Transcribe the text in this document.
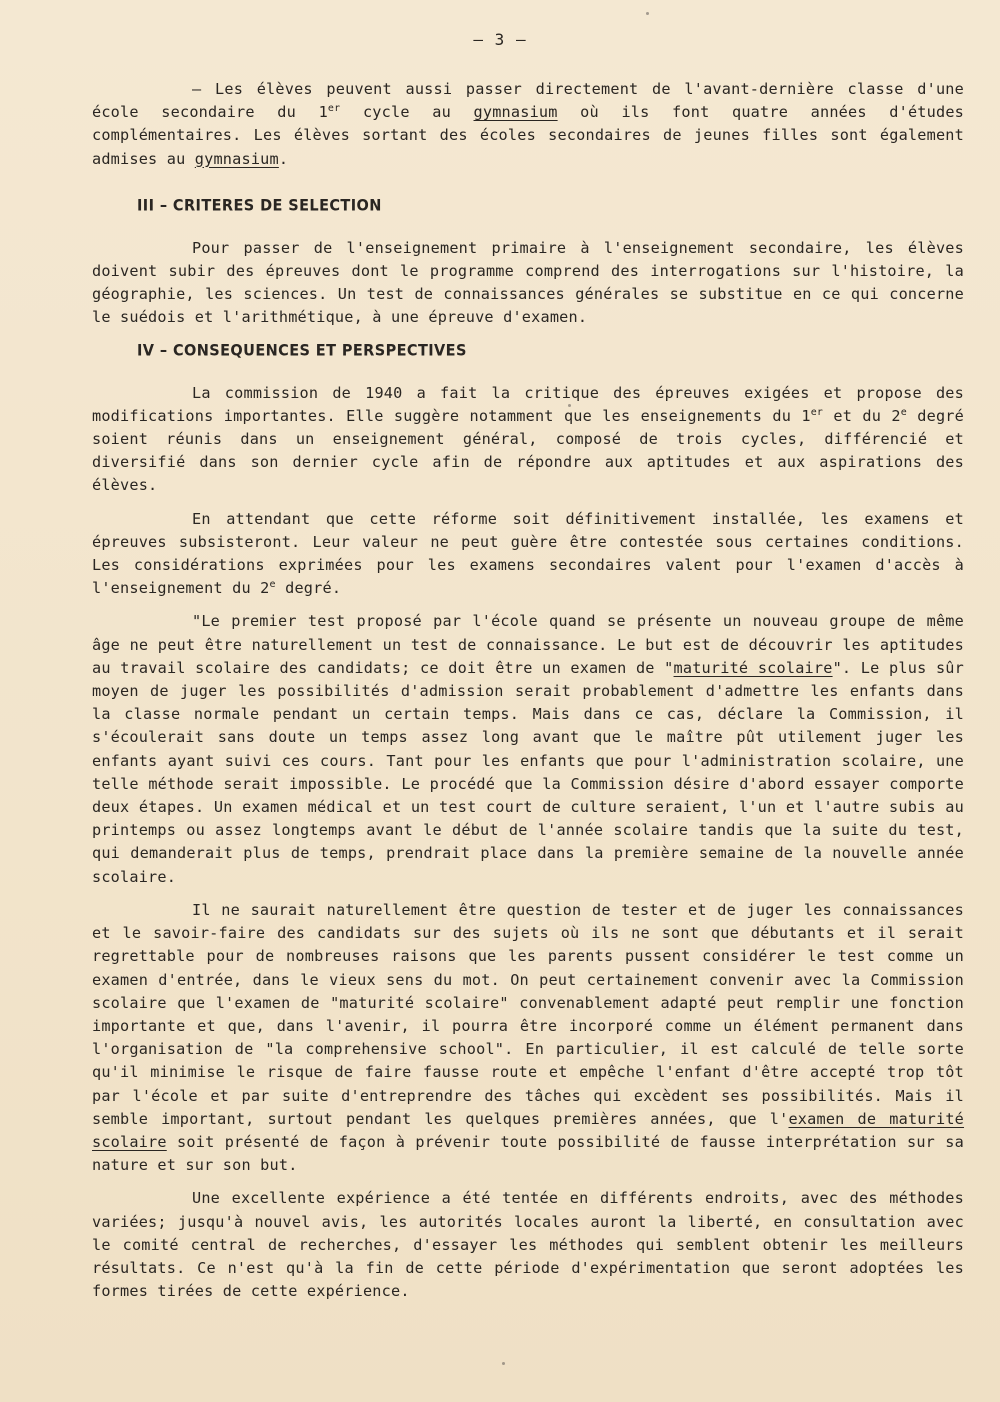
– 3 –

– Les élèves peuvent aussi passer directement de l'avant-dernière classe d'une école secondaire du 1er cycle au gymnasium où ils font quatre années d'études complémentaires. Les élèves sortant des écoles secondaires de jeunes filles sont également admises au gymnasium.

III – CRITERES DE SELECTION

Pour passer de l'enseignement primaire à l'enseignement secondaire, les élèves doivent subir des épreuves dont le programme comprend des interrogations sur l'histoire, la géographie, les sciences. Un test de connaissances générales se substitue en ce qui concerne le suédois et l'arithmétique, à une épreuve d'examen.

IV – CONSEQUENCES ET PERSPECTIVES

La commission de 1940 a fait la critique des épreuves exigées et propose des modifications importantes. Elle suggère notamment que les enseignements du 1er et du 2e degré soient réunis dans un enseignement général, composé de trois cycles, différencié et diversifié dans son dernier cycle afin de répondre aux aptitudes et aux aspirations des élèves.

En attendant que cette réforme soit définitivement installée, les examens et épreuves subsisteront. Leur valeur ne peut guère être contestée sous certaines conditions. Les considérations exprimées pour les examens secondaires valent pour l'examen d'accès à l'enseignement du 2e degré.

"Le premier test proposé par l'école quand se présente un nouveau groupe de même âge ne peut être naturellement un test de connaissance. Le but est de découvrir les aptitudes au travail scolaire des candidats; ce doit être un examen de "maturité scolaire". Le plus sûr moyen de juger les possibilités d'admission serait probablement d'admettre les enfants dans la classe normale pendant un certain temps. Mais dans ce cas, déclare la Commission, il s'écoulerait sans doute un temps assez long avant que le maître pût utilement juger les enfants ayant suivi ces cours. Tant pour les enfants que pour l'administration scolaire, une telle méthode serait impossible. Le procédé que la Commission désire d'abord essayer comporte deux étapes. Un examen médical et un test court de culture seraient, l'un et l'autre subis au printemps ou assez longtemps avant le début de l'année scolaire tandis que la suite du test, qui demanderait plus de temps, prendrait place dans la première semaine de la nouvelle année scolaire.

Il ne saurait naturellement être question de tester et de juger les connaissances et le savoir-faire des candidats sur des sujets où ils ne sont que débutants et il serait regrettable pour de nombreuses raisons que les parents pussent considérer le test comme un examen d'entrée, dans le vieux sens du mot. On peut certainement convenir avec la Commission scolaire que l'examen de "maturité scolaire" convenablement adapté peut remplir une fonction importante et que, dans l'avenir, il pourra être incorporé comme un élément permanent dans l'organisation de "la comprehensive school". En particulier, il est calculé de telle sorte qu'il minimise le risque de faire fausse route et empêche l'enfant d'être accepté trop tôt par l'école et par suite d'entreprendre des tâches qui excèdent ses possibilités. Mais il semble important, surtout pendant les quelques premières années, que l'examen de maturité scolaire soit présenté de façon à prévenir toute possibilité de fausse interprétation sur sa nature et sur son but.

Une excellente expérience a été tentée en différents endroits, avec des méthodes variées; jusqu'à nouvel avis, les autorités locales auront la liberté, en consultation avec le comité central de recherches, d'essayer les méthodes qui semblent obtenir les meilleurs résultats. Ce n'est qu'à la fin de cette période d'expérimentation que seront adoptées les formes tirées de cette expérience.
